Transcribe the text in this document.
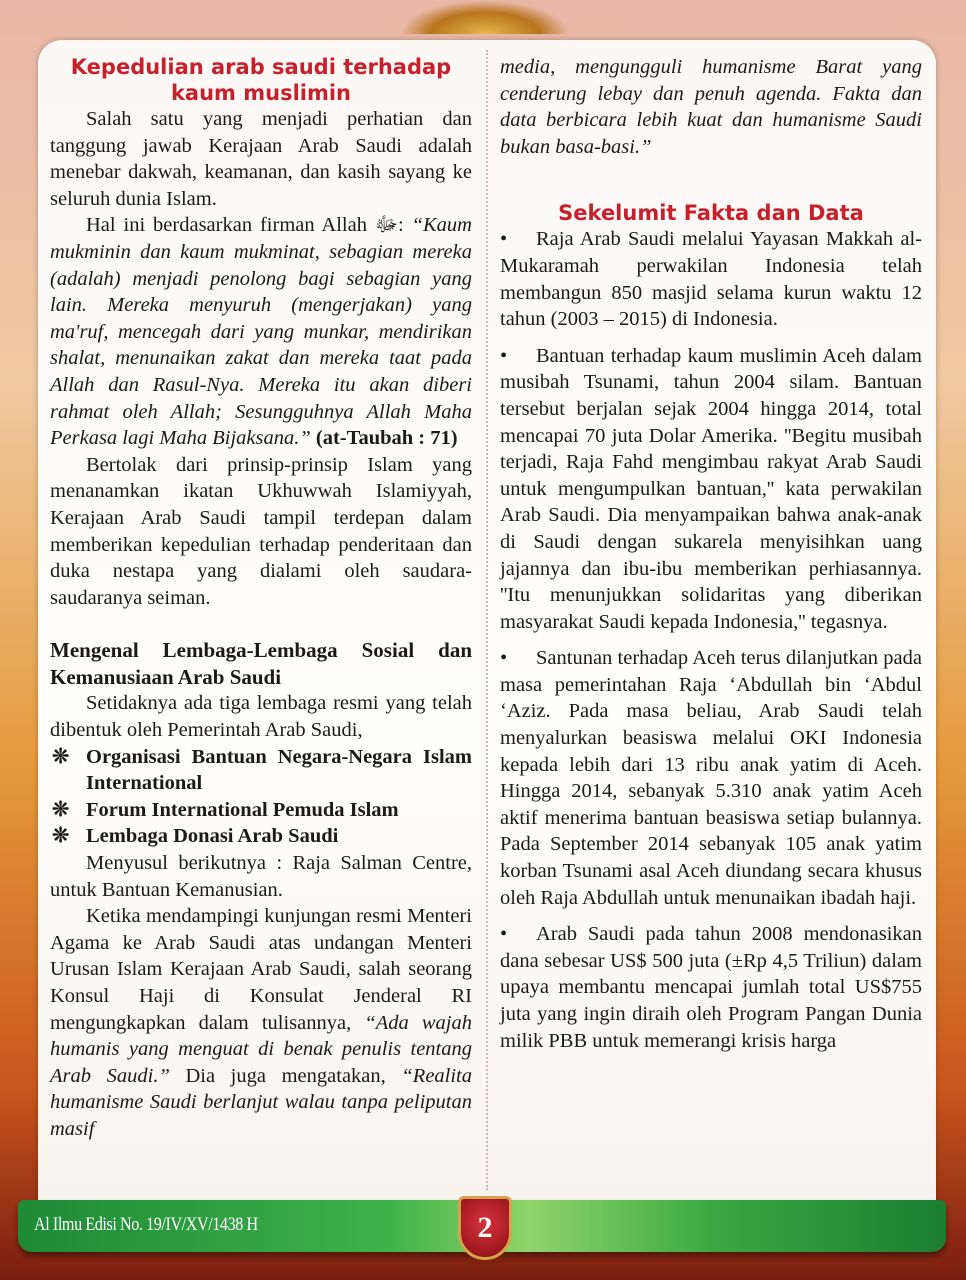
Kepedulian arab saudi terhadap kaum muslimin

Salah satu yang menjadi perhatian dan tanggung jawab Kerajaan Arab Saudi adalah menebar dakwah, keamanan, dan kasih sayang ke seluruh dunia Islam.

Hal ini berdasarkan firman Allah ﷻ: “Kaum mukminin dan kaum mukminat, sebagian mereka (adalah) menjadi penolong bagi sebagian yang lain. Mereka menyuruh (mengerjakan) yang ma'ruf, mencegah dari yang munkar, mendirikan shalat, menunaikan zakat dan mereka taat pada Allah dan Rasul-Nya. Mereka itu akan diberi rahmat oleh Allah; Sesungguhnya Allah Maha Perkasa lagi Maha Bijaksana.” (at-Taubah : 71)

Bertolak dari prinsip-prinsip Islam yang menanamkan ikatan Ukhuwwah Islamiyyah, Kerajaan Arab Saudi tampil terdepan dalam memberikan kepedulian terhadap penderitaan dan duka nestapa yang dialami oleh saudara-saudaranya seiman.

Mengenal Lembaga-Lembaga Sosial dan Kemanusiaan Arab Saudi

Setidaknya ada tiga lembaga resmi yang telah dibentuk oleh Pemerintah Arab Saudi,

❊ Organisasi Bantuan Negara-Negara Islam International
❊ Forum International Pemuda Islam
❊ Lembaga Donasi Arab Saudi

Menyusul berikutnya : Raja Salman Centre, untuk Bantuan Kemanusian.

Ketika mendampingi kunjungan resmi Menteri Agama ke Arab Saudi atas undangan Menteri Urusan Islam Kerajaan Arab Saudi, salah seorang Konsul Haji di Konsulat Jenderal RI mengungkapkan dalam tulisannya, “Ada wajah humanis yang menguat di benak penulis tentang Arab Saudi.” Dia juga mengatakan, “Realita humanisme Saudi berlanjut walau tanpa peliputan masif

media, mengungguli humanisme Barat yang cenderung lebay dan penuh agenda. Fakta dan data berbicara lebih kuat dan humanisme Saudi bukan basa-basi.”

Sekelumit Fakta dan Data

• Raja Arab Saudi melalui Yayasan Makkah al-Mukaramah perwakilan Indonesia telah membangun 850 masjid selama kurun waktu 12 tahun (2003 – 2015) di Indonesia.

• Bantuan terhadap kaum muslimin Aceh dalam musibah Tsunami, tahun 2004 silam. Bantuan tersebut berjalan sejak 2004 hingga 2014, total mencapai 70 juta Dolar Amerika. ''Begitu musibah terjadi, Raja Fahd mengimbau rakyat Arab Saudi untuk mengumpulkan bantuan,'' kata perwakilan Arab Saudi. Dia menyampaikan bahwa anak-anak di Saudi dengan sukarela menyisihkan uang jajannya dan ibu-ibu memberikan perhiasannya. ''Itu menunjukkan solidaritas yang diberikan masyarakat Saudi kepada Indonesia,'' tegasnya.

• Santunan terhadap Aceh terus dilanjutkan pada masa pemerintahan Raja ‘Abdullah bin ‘Abdul ‘Aziz. Pada masa beliau, Arab Saudi telah menyalurkan beasiswa melalui OKI Indonesia kepada lebih dari 13 ribu anak yatim di Aceh. Hingga 2014, sebanyak 5.310 anak yatim Aceh aktif menerima bantuan beasiswa setiap bulannya. Pada September 2014 sebanyak 105 anak yatim korban Tsunami asal Aceh diundang secara khusus oleh Raja Abdullah untuk menunaikan ibadah haji.

• Arab Saudi pada tahun 2008 mendonasikan dana sebesar US$ 500 juta (±Rp 4,5 Triliun) dalam upaya membantu mencapai jumlah total US$755 juta yang ingin diraih oleh Program Pangan Dunia milik PBB untuk memerangi krisis harga

Al Ilmu Edisi No. 19/IV/XV/1438 H	2
